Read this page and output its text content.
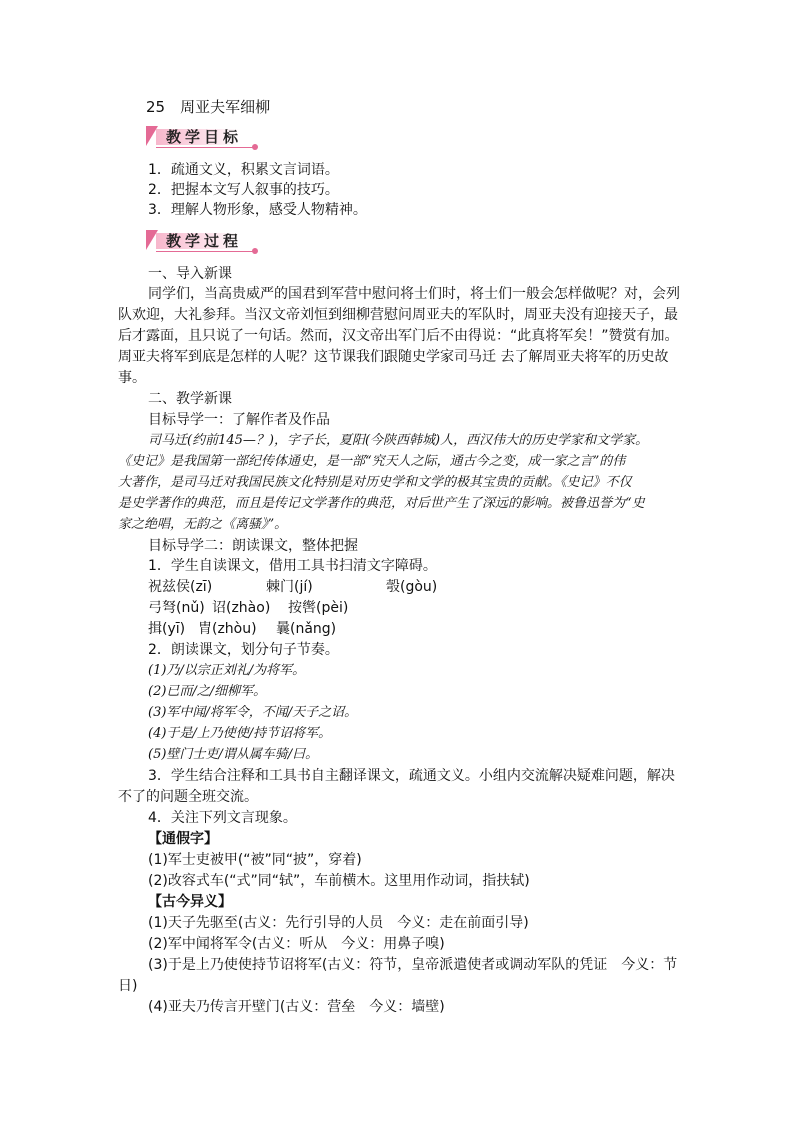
25　周亚夫军细柳
教学目标
1．疏通文义，积累文言词语。
2．把握本文写人叙事的技巧。
3．理解人物形象，感受人物精神。
教学过程
一、导入新课
同学们，当高贵威严的国君到军营中慰问将士们时，将士们一般会怎样做呢？对，会列
队欢迎，大礼参拜。当汉文帝刘恒到细柳营慰问周亚夫的军队时，周亚夫没有迎接天子，最
后才露面，且只说了一句话。然而，汉文帝出军门后不由得说：“此真将军矣！”赞赏有加。
周亚夫将军到底是怎样的人呢？这节课我们跟随史学家司马迁 去了解周亚夫将军的历史故
事。
二、教学新课
目标导学一：了解作者及作品
司马迁(约前145—？)，字子长，夏阳(今陕西韩城)人，西汉伟大的历史学家和文学家。
《史记》是我国第一部纪传体通史，是一部“究天人之际，通古今之变，成一家之言”的伟
大著作，是司马迁对我国民族文化特别是对历史学和文学的极其宝贵的贡献。《史记》不仅
是史学著作的典范，而且是传记文学著作的典范，对后世产生了深远的影响。被鲁迅誉为“史
家之绝唱，无韵之《离骚》”。
目标导学二：朗读课文，整体把握
1．学生自读课文，借用工具书扫清文字障碍。
祝兹侯(zī)	棘门(jí)	彀(gòu)
弓弩(nǔ) 诏(zhào) 按辔(pèi)
揖(yī) 胄(zhòu) 曩(nǎng)
2．朗读课文，划分句子节奏。
(1)乃/以宗正刘礼/为将军。
(2)已而/之/细柳军。
(3)军中闻/将军令，不闻/天子之诏。
(4)于是/上乃使使/持节诏将军。
(5)壁门士吏/谓从属车骑/曰。
3．学生结合注释和工具书自主翻译课文，疏通文义。小组内交流解决疑难问题，解决
不了的问题全班交流。
4．关注下列文言现象。
【通假字】
(1)军士吏被甲(“被”同“披”，穿着)
(2)改容式车(“式”同“轼”，车前横木。这里用作动词，指扶轼)
【古今异义】
(1)天子先驱至(古义：先行引导的人员　今义：走在前面引导)
(2)军中闻将军令(古义：听从　今义：用鼻子嗅)
(3)于是上乃使使持节诏将军(古义：符节，皇帝派遣使者或调动军队的凭证　今义：节
日)
(4)亚夫乃传言开壁门(古义：营垒　今义：墙壁)
